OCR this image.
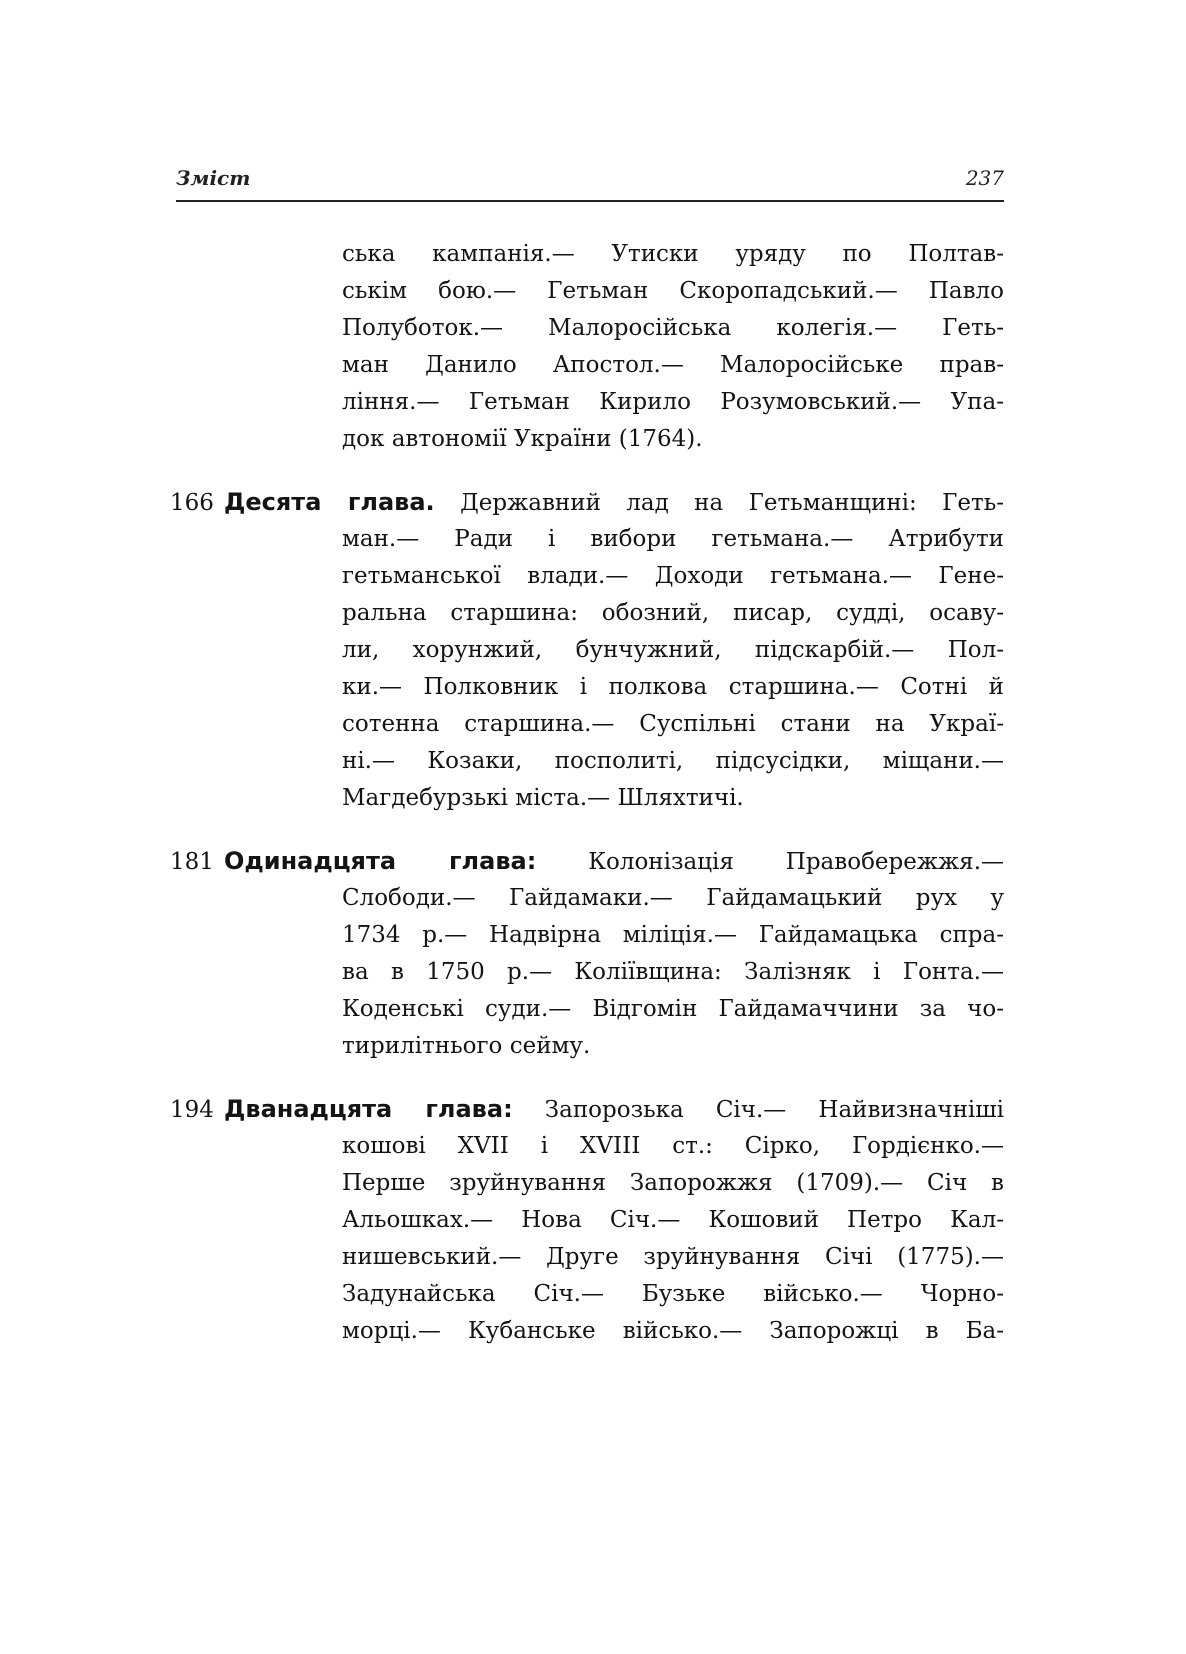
Зміст	237
ська кампанія.— Утиски уряду по Полтав-
ськім бою.— Гетьман Скоропадський.— Павло
Полуботок.— Малоросійська колегія.— Геть-
ман Данило Апостол.— Малоросійське прав-
ління.— Гетьман Кирило Розумовський.— Упа-
док автономії України (1764).
166 Десята глава. Державний лад на Гетьманщині: Геть-
ман.— Ради і вибори гетьмана.— Атрибути
гетьманської влади.— Доходи гетьмана.— Гене-
ральна старшина: обозний, писар, судді, осаву-
ли, хорунжий, бунчужний, підскарбій.— Пол-
ки.— Полковник і полкова старшина.— Сотні й
сотенна старшина.— Суспільні стани на Украї-
ні.— Козаки, посполиті, підсусідки, міщани.—
Магдебурзькі міста.— Шляхтичі.
181 Одинадцята глава: Колонізація Правобережжя.—
Слободи.— Гайдамаки.— Гайдамацький рух у
1734 р.— Надвірна міліція.— Гайдамацька спра-
ва в 1750 р.— Коліївщина: Залізняк і Гонта.—
Коденські суди.— Відгомін Гайдамаччини за чо-
тирилітнього сейму.
194 Дванадцята глава: Запорозька Січ.— Найвизначніші
кошові XVII і XVIII ст.: Сірко, Гордієнко.—
Перше зруйнування Запорожжя (1709).— Січ в
Альошках.— Нова Січ.— Кошовий Петро Кал-
нишевський.— Друге зруйнування Січі (1775).—
Задунайська Січ.— Бузьке військо.— Чорно-
морці.— Кубанське військо.— Запорожці в Ба-
